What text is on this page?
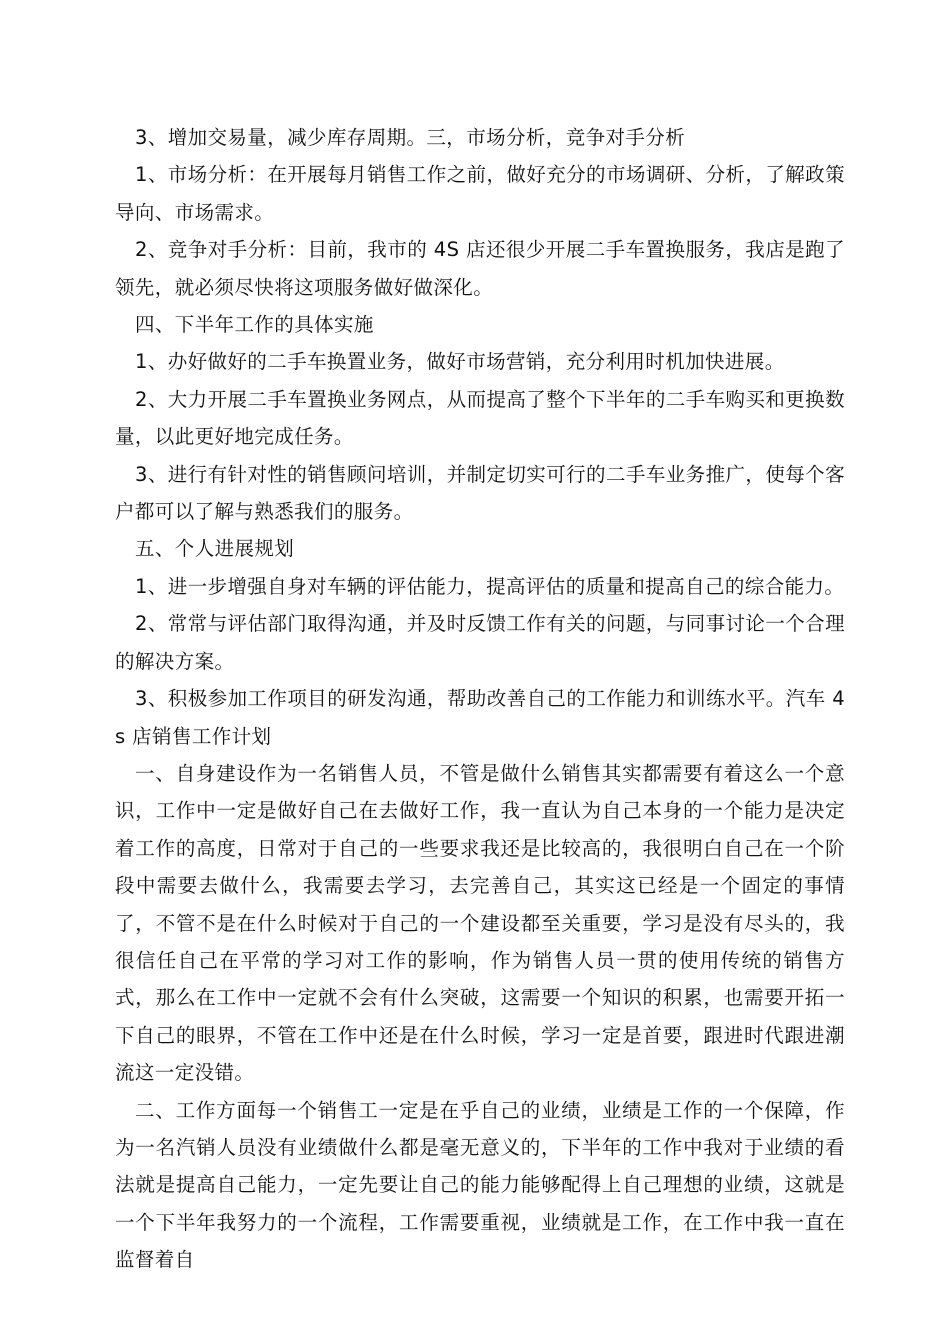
3、增加交易量，减少库存周期。三，市场分析，竞争对手分析

1、市场分析：在开展每月销售工作之前，做好充分的市场调研、分析，了解政策导向、市场需求。

2、竞争对手分析：目前，我市的 4S 店还很少开展二手车置换服务，我店是跑了领先，就必须尽快将这项服务做好做深化。

四、下半年工作的具体实施

1、办好做好的二手车换置业务，做好市场营销，充分利用时机加快进展。

2、大力开展二手车置换业务网点，从而提高了整个下半年的二手车购买和更换数量，以此更好地完成任务。

3、进行有针对性的销售顾问培训，并制定切实可行的二手车业务推广，使每个客户都可以了解与熟悉我们的服务。

五、个人进展规划

1、进一步增强自身对车辆的评估能力，提高评估的质量和提高自己的综合能力。

2、常常与评估部门取得沟通，并及时反馈工作有关的问题，与同事讨论一个合理的解决方案。

3、积极参加工作项目的研发沟通，帮助改善自己的工作能力和训练水平。汽车 4s 店销售工作计划

一、自身建设作为一名销售人员，不管是做什么销售其实都需要有着这么一个意识，工作中一定是做好自己在去做好工作，我一直认为自己本身的一个能力是决定着工作的高度，日常对于自己的一些要求我还是比较高的，我很明白自己在一个阶段中需要去做什么，我需要去学习，去完善自己，其实这已经是一个固定的事情了，不管不是在什么时候对于自己的一个建设都至关重要，学习是没有尽头的，我很信任自己在平常的学习对工作的影响，作为销售人员一贯的使用传统的销售方式，那么在工作中一定就不会有什么突破，这需要一个知识的积累，也需要开拓一下自己的眼界，不管在工作中还是在什么时候，学习一定是首要，跟进时代跟进潮流这一定没错。

二、工作方面每一个销售工一定是在乎自己的业绩，业绩是工作的一个保障，作为一名汽销人员没有业绩做什么都是毫无意义的，下半年的工作中我对于业绩的看法就是提高自己能力，一定先要让自己的能力能够配得上自己理想的业绩，这就是一个下半年我努力的一个流程，工作需要重视，业绩就是工作，在工作中我一直在监督着自
